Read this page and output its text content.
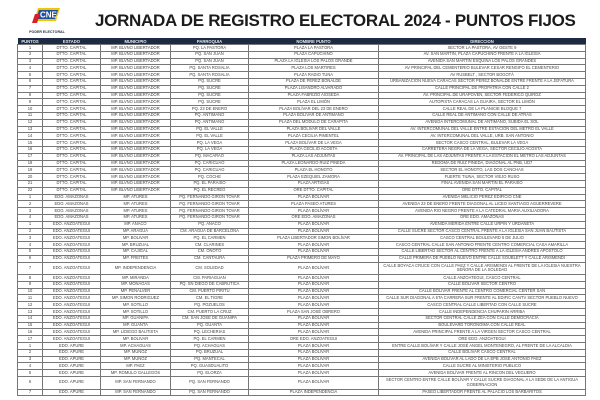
CNE
PODER ELECTORAL
JORNADA DE REGISTRO ELECTORAL 2024 - PUNTOS FIJOS
PUNTOS	ESTADO	MUNICIPIO	PARROQUIA	NOMBRE PUNTO	DIRECCION
1	DTTO. CAPITAL	MP. BLVNO LIBERTADOR	PQ. LA PASTORA	PLAZA LA PASTORA	SECTOR LA PASTORA, AV OESTE 9
2	DTTO. CAPITAL	MP. BLVNO LIBERTADOR	PQ. SAN JUAN	PLAZA CAPUCHINO	AV. SAN MARTIN, PLAZA CAPUCHINO FRENTE A LA IGLESIA
3	DTTO. CAPITAL	MP. BLVNO LIBERTADOR	PQ. SAN JUAN	PLAZA LA IGLESIA LOS PALOS GRANDE	AVENIDA SAN MARTIN ESQUINA LOS PALOS GRANDES
4	DTTO. CAPITAL	MP. BLVNO LIBERTADOR	PQ. SANTA ROSALIA	PLAZA LOS MARTIRES	AV PRINCIPAL DEL CEMENTERIO BULEVAR CESAR RENGIFO EL CEMENTERIO
5	DTTO. CAPITAL	MP. BLVNO LIBERTADOR	PQ. SANTA ROSALIA	PLAZA RADIO TUNA	AV RUSBELT , SECTOR BOGOTÁ
6	DTTO. CAPITAL	MP. BLVNO LIBERTADOR	PQ. SUCRE	PLAZA DE PÉREZ BONALDE	URBANIZACIÓN NUEVA CARACAS SECTOR PÉREZ BONALDE ENTRE FRENTE A LA JEFATURA
7	DTTO. CAPITAL	MP. BLVNO LIBERTADOR	PQ. SUCRE	PLAZA LISANDRO ALVARADO	CALLE PRINCIPAL DE PROPATRIA CON CALLE 2
8	DTTO. CAPITAL	MP. BLVNO LIBERTADOR	PQ. SUCRE	PLAZA FABRIZIO AIOSEDA	AV. PRINCIPAL DE URAPOVEN, SECTOR FEDERICO QUIROZ
9	DTTO. CAPITAL	MP. BLVNO LIBERTADOR	PQ. SUCRE	PLAZA EL LIMÓN	AUTOPISTA CARACAS LA GUAIRA, SECTOR EL LIMÓN
10	DTTO. CAPITAL	MP. BLVNO LIBERTADOR	PQ. 23 DE ENERO	PLAZA BOLÍVAR DEL 23 DE ENERO	CALLE REAL DE LA PLANICIE BLOQUE 7
11	DTTO. CAPITAL	MP. BLVNO LIBERTADOR	PQ. ANTIMANO	PLAZA BOLÍVAR DE ANTIMANO	CALLE REAL DE ANTIMANO CON CALLE DE ATRÁS
12	DTTO. CAPITAL	MP. BLVNO LIBERTADOR	PQ. ANTIMANO	PLAZA DEL MODULO DE CARAPITA	AVENIDA INTERCOMUNAL DE ANTIMANO, SUBIDA EL SOL
13	DTTO. CAPITAL	MP. BLVNO LIBERTADOR	PQ. EL VALLE	PLAZA BOLÍVAR DEL VALLE	AV. INTERCOMUNAL DEL VALLE ENTRE ESTACION DEL METRO EL VALLE
14	DTTO. CAPITAL	MP. BLVNO LIBERTADOR	PQ. EL VALLE	PLAZA CECILIA PIMENTEL	AV. INTERCOMUNAL DEL VALLE, URB. SAN ANTONIO
15	DTTO. CAPITAL	MP. BLVNO LIBERTADOR	PQ. LA VEGA	PLAZA BOLÍVAR DE LA VEGA	SECTOR CASCO CENTRAL, BULEVAR LA VEGA
16	DTTO. CAPITAL	MP. BLVNO LIBERTADOR	PQ. LA VEGA	PLAZA CECILIO ACOSTA	CARRETERA NEGRA DE LA VEGA, SECTOR CECILIO ACOSTA
17	DTTO. CAPITAL	MP. BLVNO LIBERTADOR	PQ. MACARAO	PLAZA LAS ADJUNTAS	AV. PRINCIPAL DE LAS ADJUNTAS FRENTE A LA ESTACION EL METRO LAS ADJUNTAS
18	DTTO. CAPITAL	MP. BLVNO LIBERTADOR	PQ. CARICUAO	PLAZA LEONARDO RUIZ PINEDA	REDOMA DE RUIZ PINEDA, DIAGONAL AL PNB, UD7
19	DTTO. CAPITAL	MP. BLVNO LIBERTADOR	PQ. CARICUAO	PLAZA EL HONOTO	SECTOR EL HONOTO, LAS DOS CANCHAS
20	DTTO. CAPITAL	MP. BLVNO LIBERTADOR	PQ. COCHE	PLAZA EZEQUIEL ZAMORA	FUERTE TIUNA, SECTOR VIEJO RUSO
21	DTTO. CAPITAL	MP. BLVNO LIBERTADOR	PQ. EL PARAISO	PLAZA ARTIGAS	FINAL AVENIDA SAN MARTIN EL PARAISO
22	DTTO. CAPITAL	MP. BLVNO LIBERTADOR	PQ. EL RECREO	ORE DTTO. CAPITAL	ORE DTTO. CAPITAL
1	EDO. AMAZONAS	MP. ATURES	PQ. FERNANDO GIRON TOVAR	PLAZA BOLÍVAR	AVENIDA MELICIO PÉREZ EDIFICIO CNE
2	EDO. AMAZONAS	MP. ATURES	PQ. FERNANDO GIRON TOVAR	PLAZA PASEO ATURES	AVENIDA 23 DE ENERO FRENTE DIAGONAL AL LICEO SANTIAGO AGUERREVERE
3	EDO. AMAZONAS	MP. ATURES	PQ. FERNANDO GIRON TOVAR	PLAZA BOLÍVAR	AVENIDA RIO NEGRO FRENTE A LA CATEDRAL MARIA AUXILIADORA
4	EDO. AMAZONAS	MP. ATURES	PQ. FERNANDO GIRON TOVAR	ORE EDO. AMAZONAS	ORE EDO. AMAZONAS
1	EDO. ANZOATEGUI	MP. ANACO	PQ. ANACO	PLAZA BOLÍVAR	AVENIDA MERIDA ENTRE CALLE URPIN Y URDANETA
2	EDO. ANZOATEGUI	MP. ARAGUA	CM. ARAGUA DE BARCELONA	PLAZA BOLÍVAR	CALLE SUCRE SECTOR CASCO CENTRAL FRENTE A LA IGLESIA SAN JUAN BAUTISTA
3	EDO. ANZOATEGUI	MP. BOLIVAR	PQ. EL CARMEN	PLAZA LIBERTADOR SIMON BOLÍVAR	CASCO CENTRAL BOULEVARD 5 DE JULIO
4	EDO. ANZOATEGUI	MP. BRUZUAL	CM. CLARINES	PLAZA BOLÍVAR	CASCO CENTRAL CALLE SAN ANTONIO FRENTE CENTRO COMERCIAL CASA AMARILLA
5	EDO. ANZOATEGUI	MP. CAJIGAL	CM. ONOTO	PLAZA BOLÍVAR	CALLE LIBERTAD SECTOR AL CENTRO FRENTE A LA IGLESIA ANDRES APOSTOLO
6	EDO. ANZOATEGUI	MP. FREITES	CM. CANTAURA	PLAZA PRIMERO DE MAYO	CALLE PRIMERA DE PUEBLO NUEVO ENTRE CALLE SOUBLETT Y CALLE ARISMENDI
7	EDO. ANZOATEGUI	MP. INDEPENDENCIA	CM. SOLEDAD	PLAZA BOLÍVAR	CALLE BOYACA CRUCE CON CALLE PAEZ Y CALLE ARISMENDI AL FRENTE DE LA IGLESIA NUESTRA SEÑORA DE LA SOLEDAD
8	EDO. ANZOATEGUI	MP. MIRANDA	CM. PARIAGUAN	PLAZA BOLÍVAR	CALLE ANZOATEGUI, CASCO CENTRAL
9	EDO. ANZOATEGUI	MP. MONAGAS	PQ. SN DIEGO DE CABRUTICA	PLAZA BOLÍVAR	CALLE BOLIVAR SECTOR CENTRO
10	EDO. ANZOATEGUI	MP. PEÑALVER	CM. PUERTO PIRITU	PLAZA BOLÍVAR	CALLE BOLÍVAR FRENTE AL CENTRO COMERCIAL CENTER SAN
11	EDO. ANZOATEGUI	MP. SIMON RODRIGUEZ	CM. EL TIGRE	PLAZA BOLÍVAR	CALLE SUR DIAGONAL A 5TA CARRERA SUR FRENTE AL EDIFIC CANTV SECTOR PUEBLO NUEVO
12	EDO. ANZOATEGUI	MP. SOTILLO	PQ. POZUELOS	PLAZA BOLÍVAR	CASCO CENTRAL CALLE LIBERTAD CON CALLE SUCRE
13	EDO. ANZOATEGUI	MP. SOTILLO	CM. PUERTO LA CRUZ	PLAZA SAN JOSÉ OBRERO	CALLE INDEPENDENCIA CHUPARIN ARRIBA
14	EDO. ANZOATEGUI	MP. GUANIPA	CM. SAN JOSE DE GUANIPA	PLAZA BOLÍVAR	SECTOR CENTRAL CALLE ZEA CON CALLE DEMOCRACIA
15	EDO. ANZOATEGUI	MP. GUANTA	PQ. GUANTA	PLAZA BOLÍVAR	BOULEVARD TORONOIMA CON CALLE REAL
16	EDO. ANZOATEGUI	MP. L/DIEGO BAUTISTA	PQ. LECHERIAS	PLAZA BOLÍVAR	AVENIDA PRINCIPAL FRENTE A LA VIRGEN SECTOR CASCO CENTRAL
17	EDO. ANZOATEGUI	MP. BOLIVAR	PQ. EL CARMEN	ORE EDO. ANZOATEGUI	ORE EDO. ANZOATEGUI
1	EDO. APURE	MP. ACHAGUAS	PQ. ACHAGUAS	PLAZA BOLÍVAR	ENTRE CALLE BOLÍVAR Y CALLE JOSÉ ANGEL MONTENEGRO, AL FRENTE DE LA ALCALDIA
2	EDO. APURE	MP. MUÑOZ	PQ. BRUZUAL	PLAZA BOLÍVAR	CALLE BOLÍVAR CASCO CENTRAL
3	EDO. APURE	MP. MUÑOZ	PQ. MANTECAL	PLAZA BOLÍVAR	AVENIDA BOLÍVAR AL LADO DE LA EPB JOSÉ ANTONIO PAEZ
4	EDO. APURE	MP. PAEZ	PQ. GUASDUALITO	PLAZA BOLÍVAR	CALLE SUCRE AL MINISTERIO PUBLICO
5	EDO. APURE	MP. ROMULO GALLEGOS	PQ. ELORZA	PLAZA BOLÍVAR	AVENIDA BOLÍVAR FRENTE AL RINCON DEL VEGUERO
6	EDO. APURE	MP. SAN FERNANDO	PQ. SAN FERNANDO	PLAZA BOLÍVAR	SECTOR CENTRO ENTRE CALLE BOLÍVAR Y CALLE SUCRE DIAGONAL A LA SEDE DE LA ANTIGUA GOBERNACION
7	EDO. APURE	MP. SAN FERNANDO	PQ. SAN FERNANDO	PLAZA INDEPENDENCIA	PASEO LIBERTADOR FRENTE AL PALACIO LOS BARBARITOS
